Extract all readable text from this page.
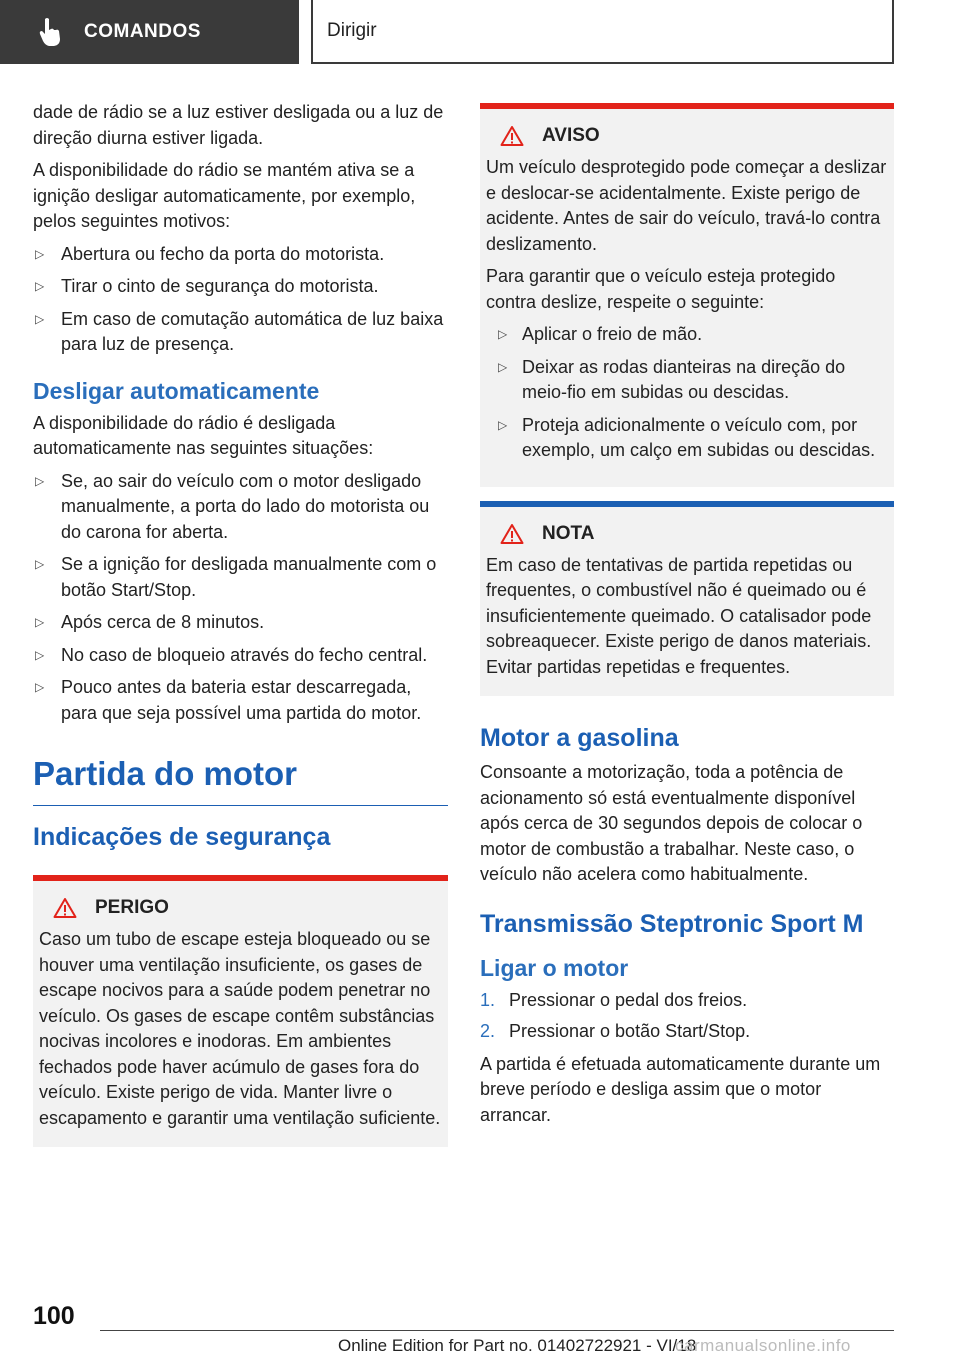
COMANDOS	Dirigir

dade de rádio se a luz estiver desligada ou a luz de direção diurna estiver ligada.

A disponibilidade do rádio se mantém ativa se a ignição desligar automaticamente, por exemplo, pelos seguintes motivos:

▷ Abertura ou fecho da porta do motorista.
▷ Tirar o cinto de segurança do motorista.
▷ Em caso de comutação automática de luz baixa para luz de presença.
Desligar automaticamente

A disponibilidade do rádio é desligada automaticamente nas seguintes situações:

▷ Se, ao sair do veículo com o motor desligado manualmente, a porta do lado do motorista ou do carona for aberta.
▷ Se a ignição for desligada manualmente com o botão Start/Stop.
▷ Após cerca de 8 minutos.
▷ No caso de bloqueio através do fecho central.
▷ Pouco antes da bateria estar descarregada, para que seja possível uma partida do motor.
Partida do motor
Indicações de segurança
PERIGO

Caso um tubo de escape esteja bloqueado ou se houver uma ventilação insuficiente, os gases de escape nocivos para a saúde podem penetrar no veículo. Os gases de escape contêm substâncias nocivas incolores e inodoras. Em ambientes fechados pode haver acúmulo de gases fora do veículo. Existe perigo de vida. Manter livre o escapamento e garantir uma ventilação suficiente.

AVISO

Um veículo desprotegido pode começar a deslizar e deslocar-se acidentalmente. Existe perigo de acidente. Antes de sair do veículo, travá-lo contra deslizamento.

Para garantir que o veículo esteja protegido contra deslize, respeite o seguinte:

▷ Aplicar o freio de mão.
▷ Deixar as rodas dianteiras na direção do meio-fio em subidas ou descidas.
▷ Proteja adicionalmente o veículo com, por exemplo, um calço em subidas ou descidas.
NOTA

Em caso de tentativas de partida repetidas ou frequentes, o combustível não é queimado ou é insuficientemente queimado. O catalisador pode sobreaquecer. Existe perigo de danos materiais. Evitar partidas repetidas e frequentes.

Motor a gasolina

Consoante a motorização, toda a potência de acionamento só está eventualmente disponível após cerca de 30 segundos depois de colocar o motor de combustão a trabalhar. Neste caso, o veículo não acelera como habitualmente.

Transmissão Steptronic Sport M
Ligar o motor
1. Pressionar o pedal dos freios.
2. Pressionar o botão Start/Stop.

A partida é efetuada automaticamente durante um breve período e desliga assim que o motor arrancar.

100
Online Edition for Part no. 01402722921 - VI/18
carmanualsonline.info
